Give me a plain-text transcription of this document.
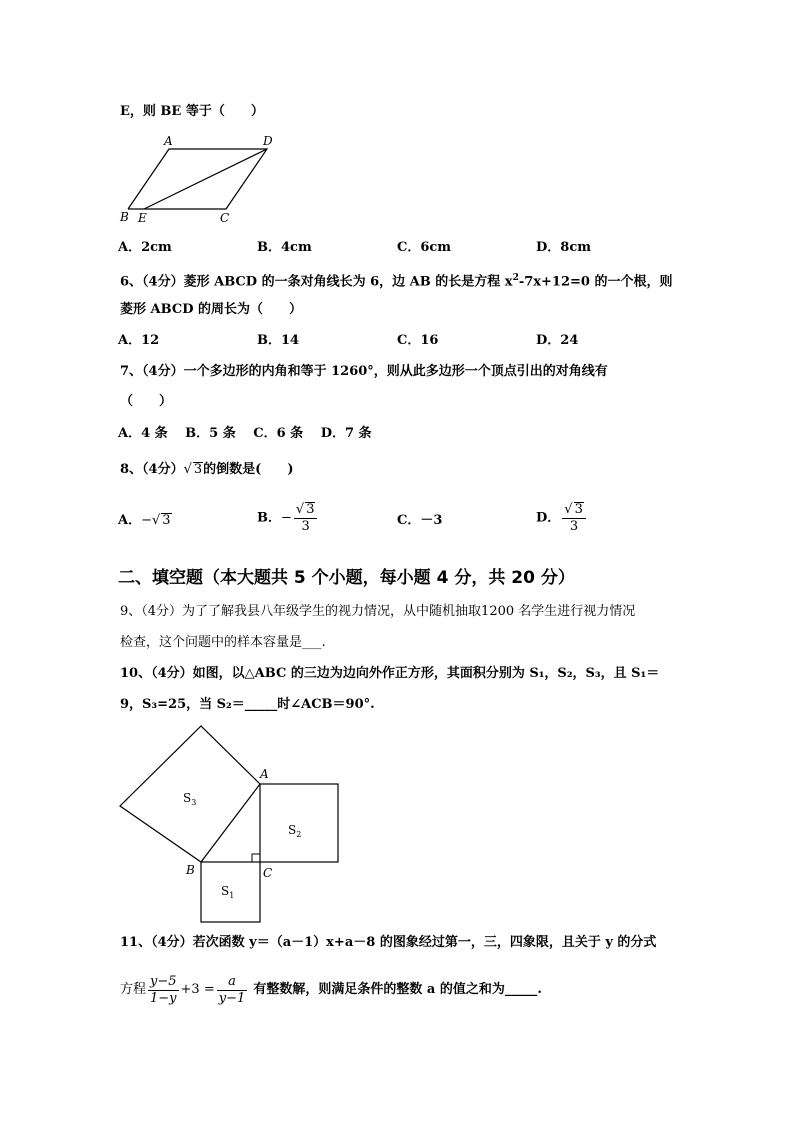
E，则 BE 等于（　　）
A	D
B E	C
A．2cm	B．4cm	C．6cm	D．8cm
6、（4分）菱形 ABCD 的一条对角线长为 6，边 AB 的长是方程 $x^2-7x+12=0$ 的一个根，则
菱形 ABCD 的周长为（　　）
A．12	B．14	C．16	D．24
7、（4分）一个多边形的内角和等于 1260°，则从此多边形一个顶点引出的对角线有
（　　）
A．4 条　 B．5 条　 C．6 条　 D．7 条
8、（4分）√ 3的倒数是(　　)
A．−√ 3	B．− $\frac{√ 3}{3}$	C．－3	D． $\frac{√ 3}{3}$
二、填空题（本大题共 5 个小题，每小题 4 分，共 20 分）
9、（4分）为了了解我县八年级学生的视力情况，从中随机抽取1200 名学生进行视力情况
检查，这个问题中的样本容量是___.
10、（4分）如图，以△ABC 的三边为边向外作正方形，其面积分别为 S₁，S₂，S₃，且 S₁＝
9，S₃=25，当 S₂＝_____时∠ACB＝90°.
A
B	C
$S_3$
$S_2$
$S_1$
11、（4分）若次函数 y＝（a－1）x+a－8 的图象经过第一，三，四象限，且关于 y 的分式
方程 $\frac{y-5}{1-y} +3 = \frac{a}{y-1}$ 有整数解，则满足条件的整数 a 的值之和为_____.
